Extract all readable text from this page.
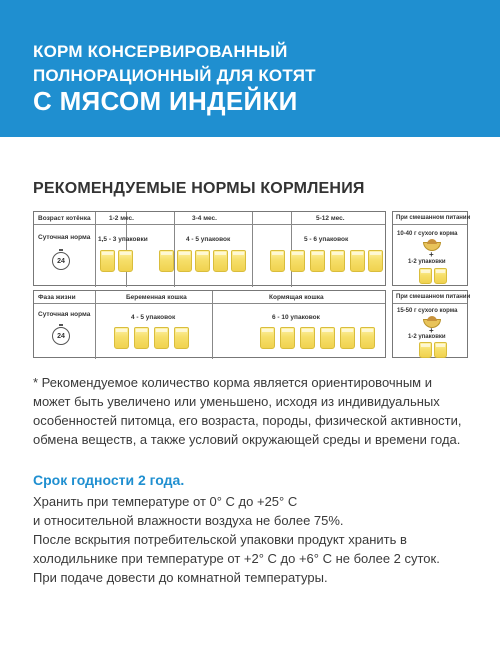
КОРМ КОНСЕРВИРОВАННЫЙ
ПОЛНОРАЦИОННЫЙ ДЛЯ КОТЯТ
С МЯСОМ ИНДЕЙКИ
РЕКОМЕНДУЕМЫЕ НОРМЫ КОРМЛЕНИЯ
Возраст котёнка
Суточная норма
24
1-2 мес.
1,5 - 3 упаковки
3-4 мес.
4 - 5 упаковок
5-12 мес.
5 - 6 упаковок
При смешанном питании
10-40 г сухого корма
+
1-2 упаковки
Фаза жизни
Суточная норма
24
Беременная кошка
4 - 5 упаковок
Кормящая кошка
6 - 10 упаковок
При смешанном питании
15-50 г сухого корма
+
1-2 упаковки
* Рекомендуемое количество корма является ориентировочным и может быть увеличено или уменьшено, исходя из индивидуальных особенностей питомца, его возраста, породы, физической активности, обмена веществ, а также условий окружающей среды и времени года.
Срок годности 2 года.
Хранить при температуре от 0° С до +25° С
и относительной влажности воздуха не более 75%.
После вскрытия потребительской упаковки продукт хранить в
холодильнике при температуре от +2° С до +6° С не более 2 суток.
При подаче довести до комнатной температуры.
